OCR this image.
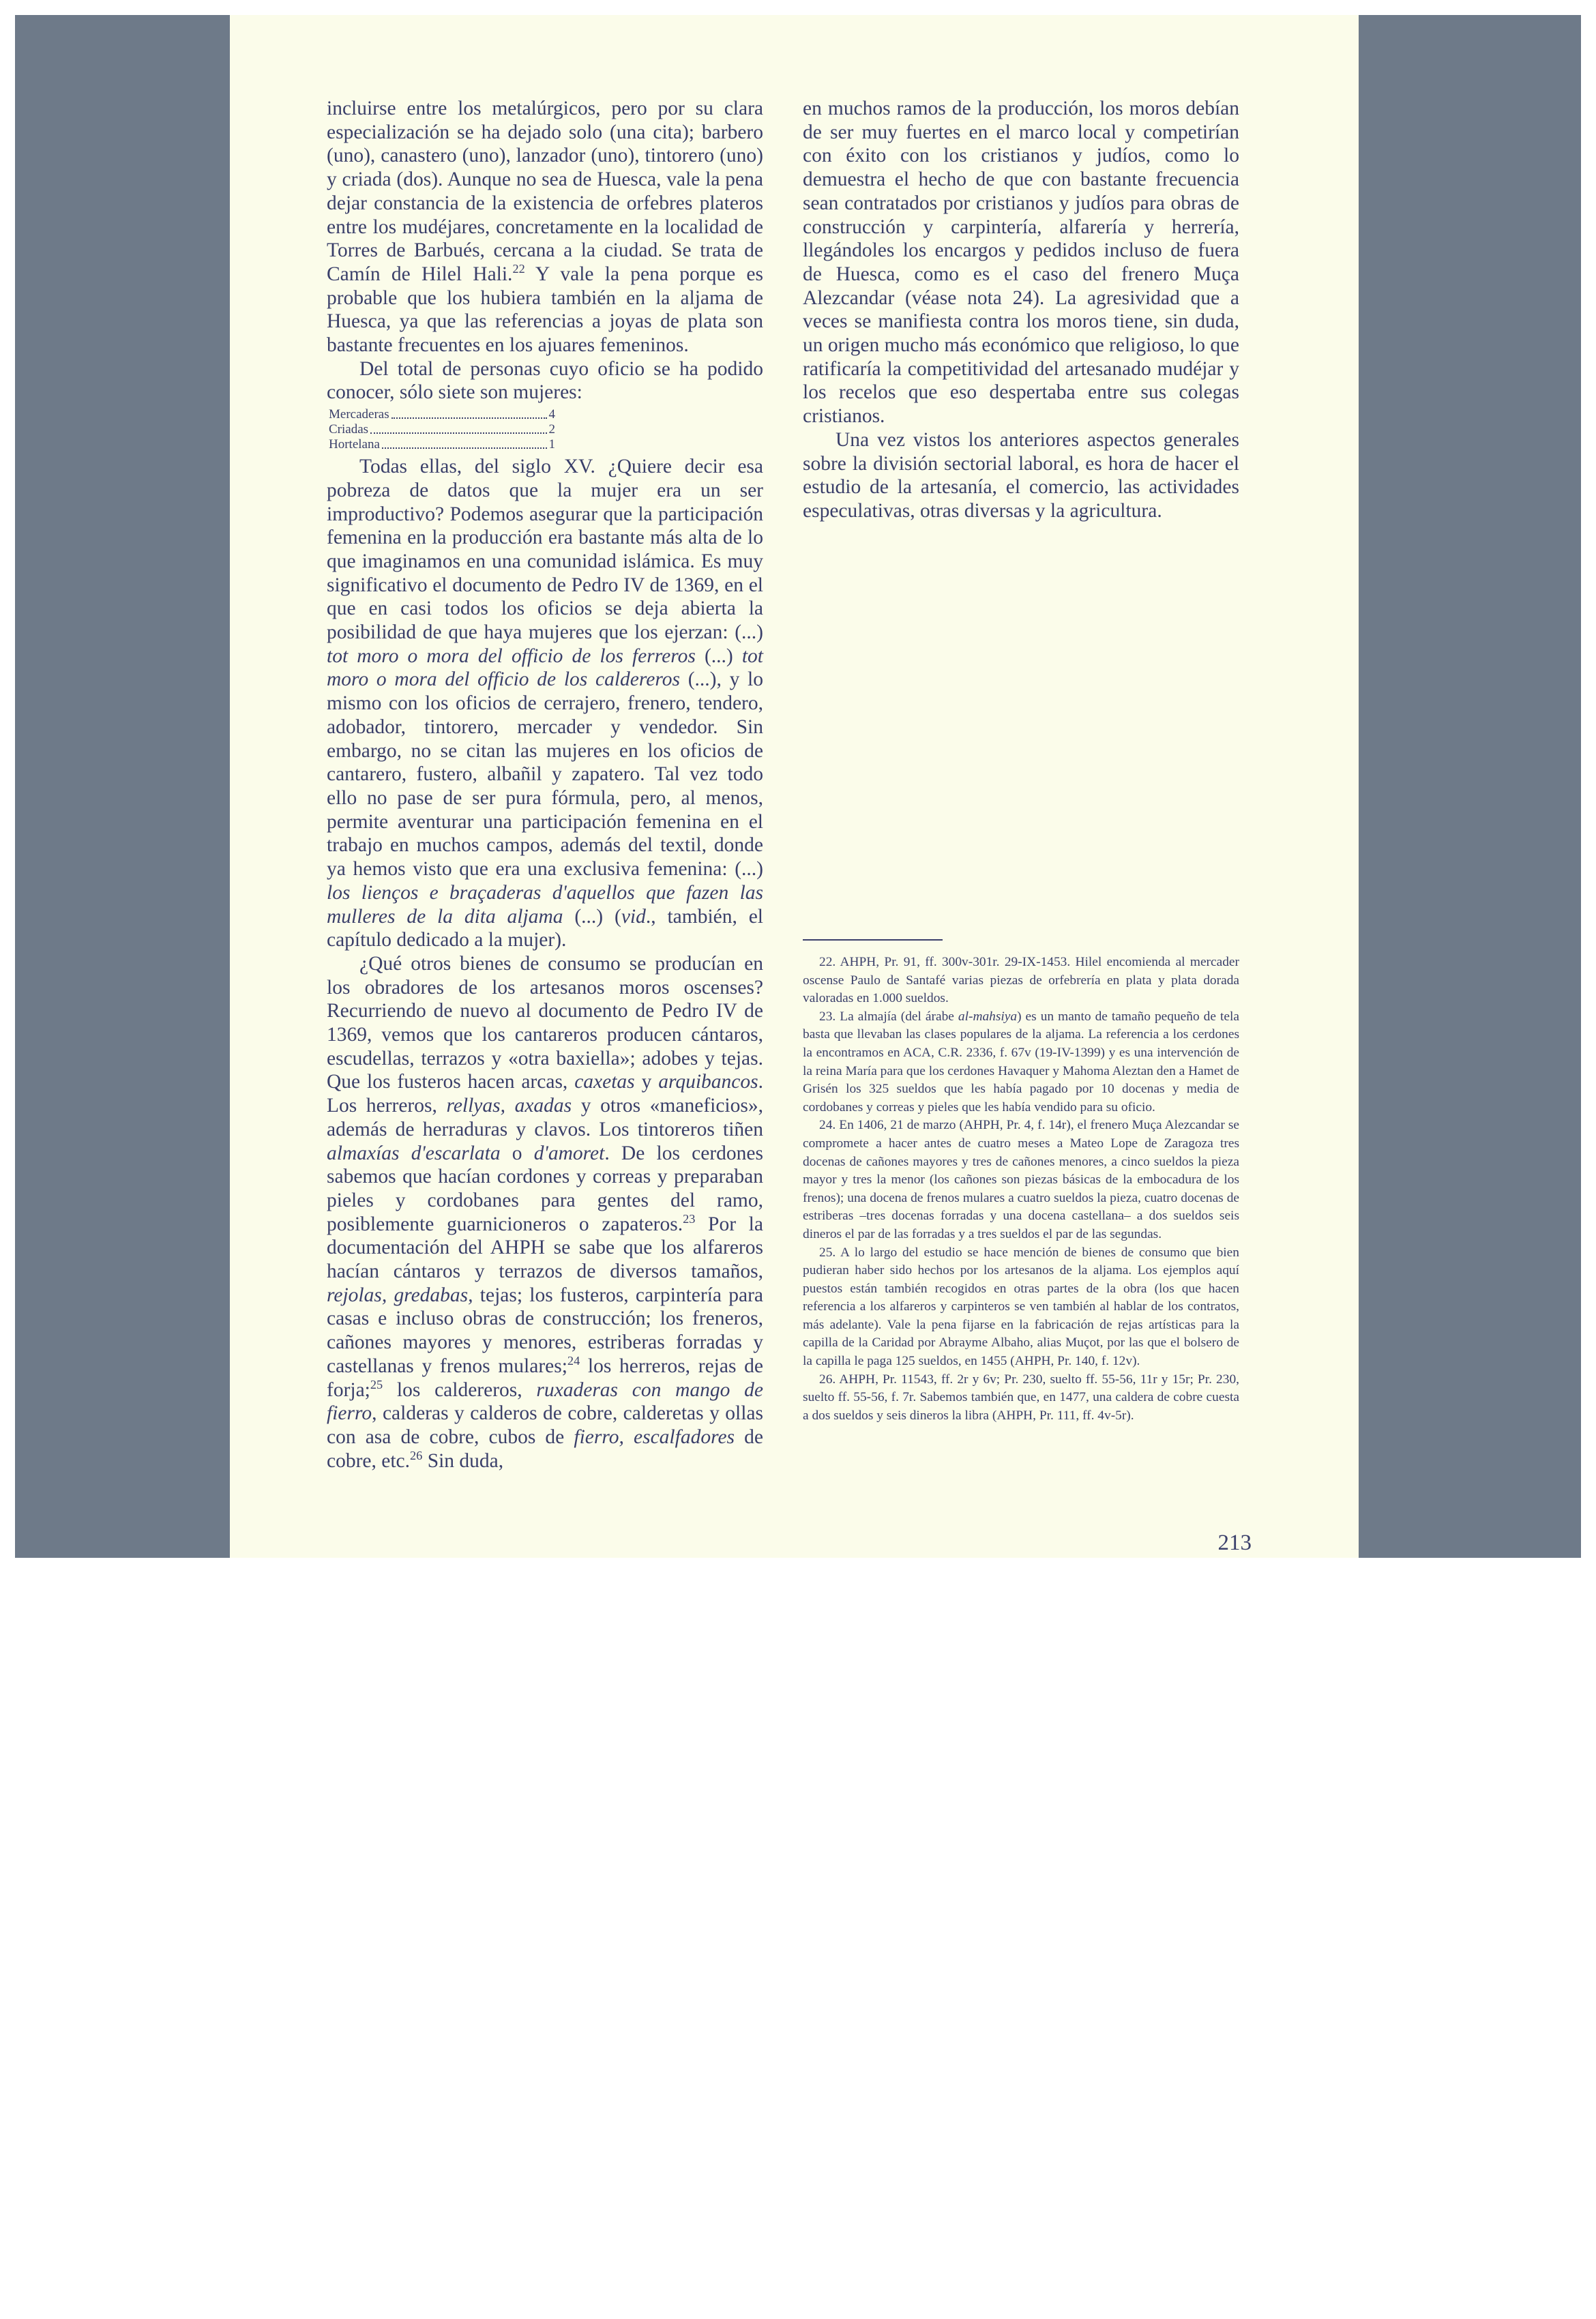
incluirse entre los metalúrgicos, pero por su clara especialización se ha dejado solo (una cita); barbero (uno), canastero (uno), lanzador (uno), tintorero (uno) y criada (dos). Aunque no sea de Huesca, vale la pena dejar constancia de la existencia de orfebres plateros entre los mudéjares, concretamente en la localidad de Torres de Barbués, cercana a la ciudad. Se trata de Camín de Hilel Hali.$^{22}$ Y vale la pena porque es probable que los hubiera también en la aljama de Huesca, ya que las referencias a joyas de plata son bastante frecuentes en los ajuares femeninos.

Del total de personas cuyo oficio se ha podido conocer, sólo siete son mujeres:

Mercaderas	4
Criadas	2
Hortelana	1

Todas ellas, del siglo XV. ¿Quiere decir esa pobreza de datos que la mujer era un ser improductivo? Podemos asegurar que la participación femenina en la producción era bastante más alta de lo que imaginamos en una comunidad islámica. Es muy significativo el documento de Pedro IV de 1369, en el que en casi todos los oficios se deja abierta la posibilidad de que haya mujeres que los ejerzan: (...) tot moro o mora del officio de los ferreros (...) tot moro o mora del officio de los caldereros (...), y lo mismo con los oficios de cerrajero, frenero, tendero, adobador, tintorero, mercader y vendedor. Sin embargo, no se citan las mujeres en los oficios de cantarero, fustero, albañil y zapatero. Tal vez todo ello no pase de ser pura fórmula, pero, al menos, permite aventurar una participación femenina en el trabajo en muchos campos, además del textil, donde ya hemos visto que era una exclusiva femenina: (...) los lienços e braçaderas d'aquellos que fazen las mulleres de la dita aljama (...) (vid., también, el capítulo dedicado a la mujer).

¿Qué otros bienes de consumo se producían en los obradores de los artesanos moros oscenses? Recurriendo de nuevo al documento de Pedro IV de 1369, vemos que los cantareros producen cántaros, escudellas, terrazos y «otra baxiella»; adobes y tejas. Que los fusteros hacen arcas, caxetas y arquibancos. Los herreros, rellyas, axadas y otros «maneficios», además de herraduras y clavos. Los tintoreros tiñen almaxías d'escarlata o d'amoret. De los cerdones sabemos que hacían cordones y correas y preparaban pieles y cordobanes para gentes del ramo, posiblemente guarnicioneros o zapateros.$^{23}$ Por la documentación del AHPH se sabe que los alfareros hacían cántaros y terrazos de diversos tamaños, rejolas, gredabas, tejas; los fusteros, carpintería para casas e incluso obras de construcción; los freneros, cañones mayores y menores, estriberas forradas y castellanas y frenos mulares;$^{24}$ los herreros, rejas de forja;$^{25}$ los caldereros, ruxaderas con mango de fierro, calderas y calderos de cobre, calderetas y ollas con asa de cobre, cubos de fierro, escalfadores de cobre, etc.$^{26}$ Sin duda,

en muchos ramos de la producción, los moros debían de ser muy fuertes en el marco local y competirían con éxito con los cristianos y judíos, como lo demuestra el hecho de que con bastante frecuencia sean contratados por cristianos y judíos para obras de construcción y carpintería, alfarería y herrería, llegándoles los encargos y pedidos incluso de fuera de Huesca, como es el caso del frenero Muça Alezcandar (véase nota 24). La agresividad que a veces se manifiesta contra los moros tiene, sin duda, un origen mucho más económico que religioso, lo que ratificaría la competitividad del artesanado mudéjar y los recelos que eso despertaba entre sus colegas cristianos.

Una vez vistos los anteriores aspectos generales sobre la división sectorial laboral, es hora de hacer el estudio de la artesanía, el comercio, las actividades especulativas, otras diversas y la agricultura.

22. AHPH, Pr. 91, ff. 300v-301r. 29-IX-1453. Hilel encomienda al mercader oscense Paulo de Santafé varias piezas de orfebrería en plata y plata dorada valoradas en 1.000 sueldos.

23. La almajía (del árabe al-mahsiya) es un manto de tamaño pequeño de tela basta que llevaban las clases populares de la aljama. La referencia a los cerdones la encontramos en ACA, C.R. 2336, f. 67v (19-IV-1399) y es una intervención de la reina María para que los cerdones Havaquer y Mahoma Aleztan den a Hamet de Grisén los 325 sueldos que les había pagado por 10 docenas y media de cordobanes y correas y pieles que les había vendido para su oficio.

24. En 1406, 21 de marzo (AHPH, Pr. 4, f. 14r), el frenero Muça Alezcandar se compromete a hacer antes de cuatro meses a Mateo Lope de Zaragoza tres docenas de cañones mayores y tres de cañones menores, a cinco sueldos la pieza mayor y tres la menor (los cañones son piezas básicas de la embocadura de los frenos); una docena de frenos mulares a cuatro sueldos la pieza, cuatro docenas de estriberas –tres docenas forradas y una docena castellana– a dos sueldos seis dineros el par de las forradas y a tres sueldos el par de las segundas.

25. A lo largo del estudio se hace mención de bienes de consumo que bien pudieran haber sido hechos por los artesanos de la aljama. Los ejemplos aquí puestos están también recogidos en otras partes de la obra (los que hacen referencia a los alfareros y carpinteros se ven también al hablar de los contratos, más adelante). Vale la pena fijarse en la fabricación de rejas artísticas para la capilla de la Caridad por Abrayme Albaho, alias Muçot, por las que el bolsero de la capilla le paga 125 sueldos, en 1455 (AHPH, Pr. 140, f. 12v).

26. AHPH, Pr. 11543, ff. 2r y 6v; Pr. 230, suelto ff. 55-56, 11r y 15r; Pr. 230, suelto ff. 55-56, f. 7r. Sabemos también que, en 1477, una caldera de cobre cuesta a dos sueldos y seis dineros la libra (AHPH, Pr. 111, ff. 4v-5r).

213
